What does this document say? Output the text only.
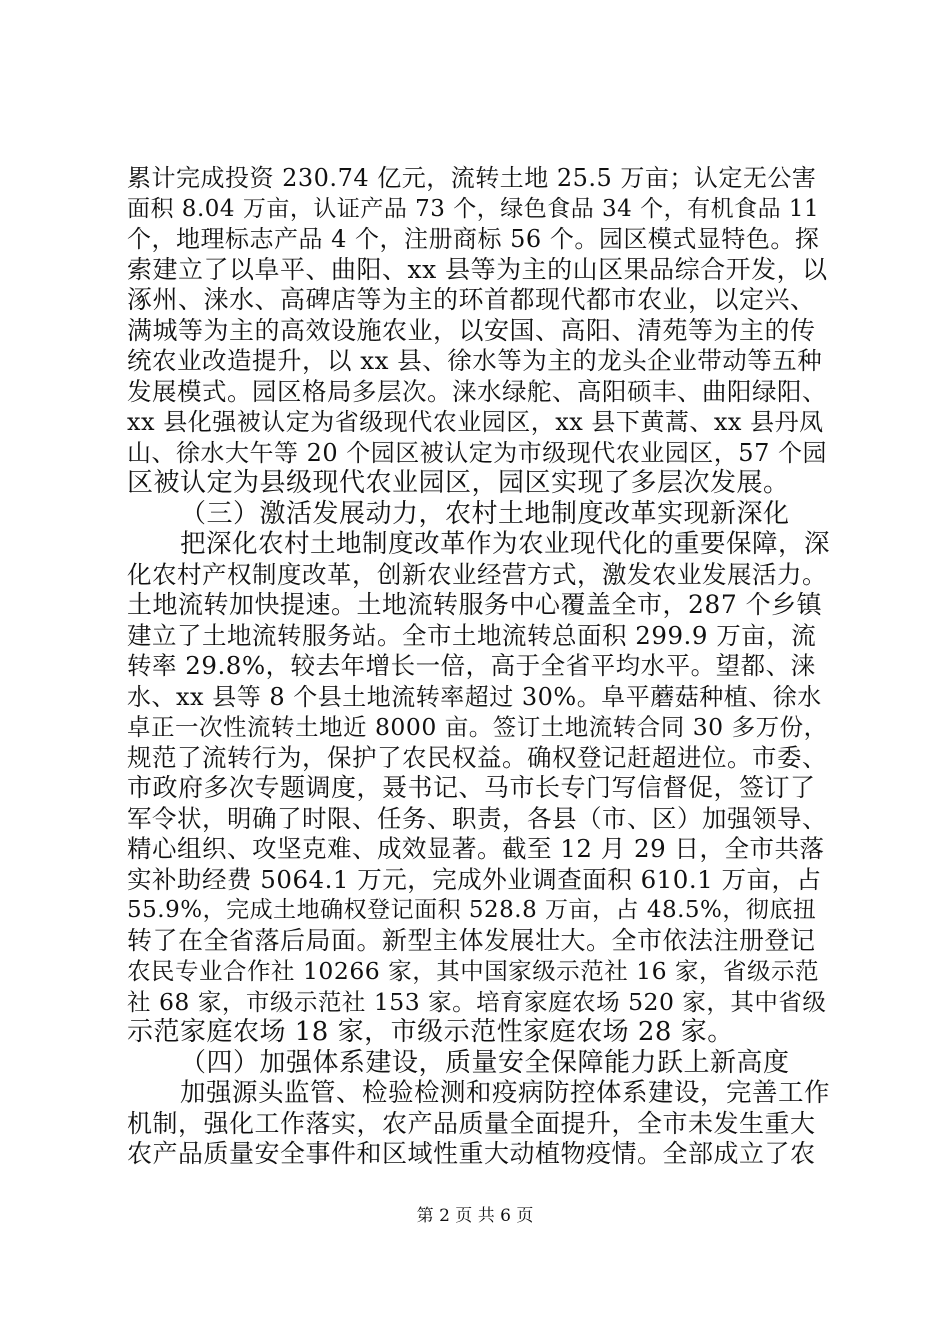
累计完成投资 230.74 亿元，流转土地 25.5 万亩；认定无公害
面积 8.04 万亩，认证产品 73 个，绿色食品 34 个，有机食品 11
个，地理标志产品 4 个，注册商标 56 个。园区模式显特色。探
索建立了以阜平、曲阳、xx 县等为主的山区果品综合开发，以
涿州、涞水、高碑店等为主的环首都现代都市农业，以定兴、
满城等为主的高效设施农业，以安国、高阳、清苑等为主的传
统农业改造提升，以 xx 县、徐水等为主的龙头企业带动等五种
发展模式。园区格局多层次。涞水绿舵、高阳硕丰、曲阳绿阳、
xx 县化强被认定为省级现代农业园区，xx 县下黄蒿、xx 县丹凤
山、徐水大午等 20 个园区被认定为市级现代农业园区，57 个园
区被认定为县级现代农业园区，园区实现了多层次发展。
（三）激活发展动力，农村土地制度改革实现新深化
把深化农村土地制度改革作为农业现代化的重要保障，深
化农村产权制度改革，创新农业经营方式，激发农业发展活力。
土地流转加快提速。土地流转服务中心覆盖全市，287 个乡镇
建立了土地流转服务站。全市土地流转总面积 299.9 万亩，流
转率 29.8%，较去年增长一倍，高于全省平均水平。望都、涞
水、xx 县等 8 个县土地流转率超过 30%。阜平蘑菇种植、徐水
卓正一次性流转土地近 8000 亩。签订土地流转合同 30 多万份，
规范了流转行为，保护了农民权益。确权登记赶超进位。市委、
市政府多次专题调度，聂书记、马市长专门写信督促，签订了
军令状，明确了时限、任务、职责，各县（市、区）加强领导、
精心组织、攻坚克难、成效显著。截至 12 月 29 日，全市共落
实补助经费 5064.1 万元，完成外业调查面积 610.1 万亩，占
55.9%，完成土地确权登记面积 528.8 万亩，占 48.5%，彻底扭
转了在全省落后局面。新型主体发展壮大。全市依法注册登记
农民专业合作社 10266 家，其中国家级示范社 16 家，省级示范
社 68 家，市级示范社 153 家。培育家庭农场 520 家，其中省级
示范家庭农场 18 家，市级示范性家庭农场 28 家。
（四）加强体系建设，质量安全保障能力跃上新高度
加强源头监管、检验检测和疫病防控体系建设，完善工作
机制，强化工作落实，农产品质量全面提升，全市未发生重大
农产品质量安全事件和区域性重大动植物疫情。全部成立了农
第 2 页 共 6 页
